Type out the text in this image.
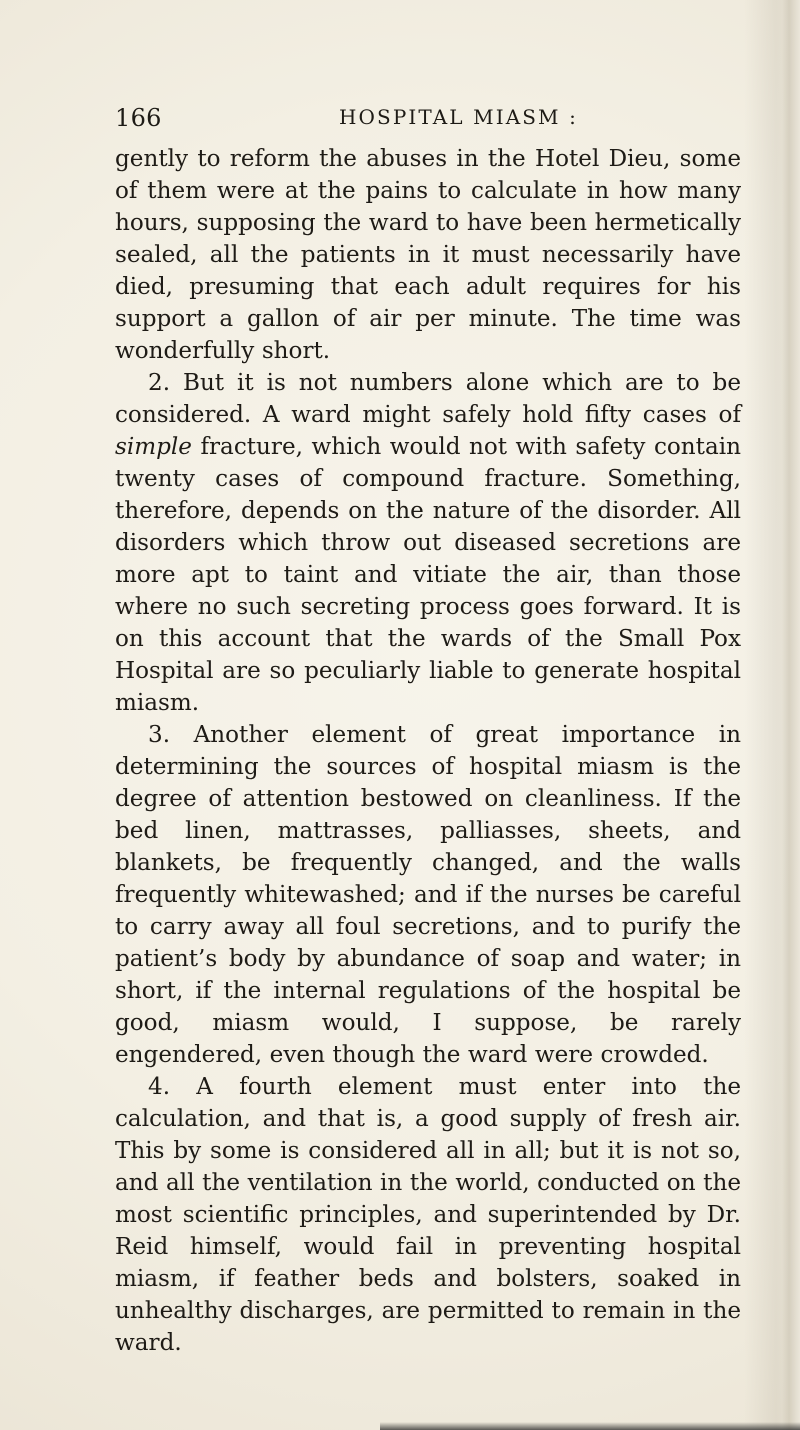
166	HOSPITAL MIASM :

gently to reform the abuses in the Hotel Dieu, some of them were at the pains to calculate in how many hours, supposing the ward to have been hermetically sealed, all the patients in it must necessarily have died, presuming that each adult requires for his support a gallon of air per minute. The time was wonderfully short.

2. But it is not numbers alone which are to be considered. A ward might safely hold fifty cases of simple fracture, which would not with safety contain twenty cases of compound fracture. Something, therefore, depends on the nature of the disorder. All disorders which throw out diseased secretions are more apt to taint and vitiate the air, than those where no such secreting process goes forward. It is on this account that the wards of the Small Pox Hospital are so peculiarly liable to generate hospital miasm.

3. Another element of great importance in determining the sources of hospital miasm is the degree of attention bestowed on cleanliness. If the bed linen, mattrasses, palliasses, sheets, and blankets, be frequently changed, and the walls frequently whitewashed; and if the nurses be careful to carry away all foul secretions, and to purify the patient’s body by abundance of soap and water; in short, if the internal regulations of the hospital be good, miasm would, I suppose, be rarely engendered, even though the ward were crowded.

4. A fourth element must enter into the calculation, and that is, a good supply of fresh air. This by some is considered all in all; but it is not so, and all the ventilation in the world, conducted on the most scientific principles, and superintended by Dr. Reid himself, would fail in preventing hospital miasm, if feather beds and bolsters, soaked in unhealthy discharges, are permitted to remain in the ward.
